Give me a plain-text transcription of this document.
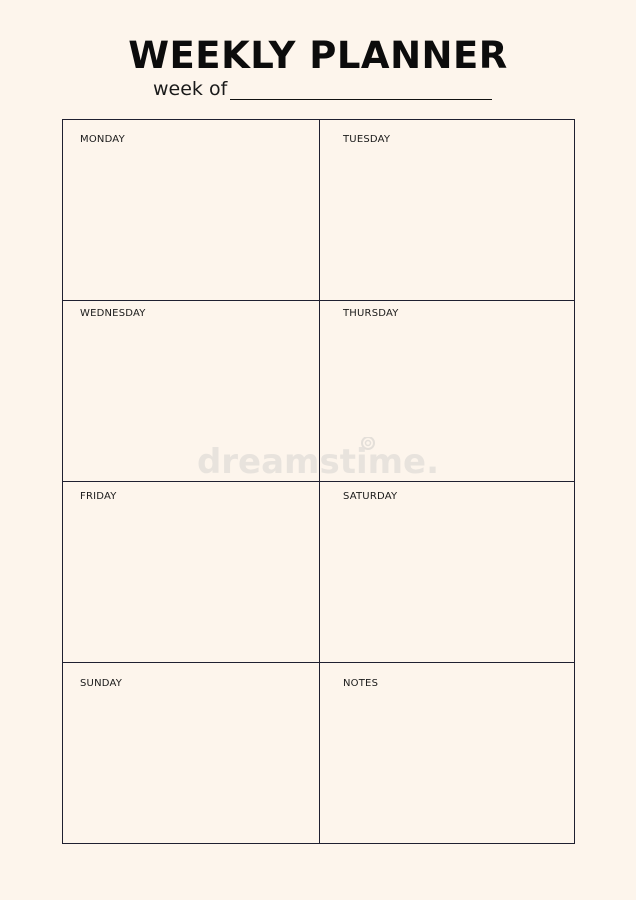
WEEKLY PLANNER
week of
MONDAY	TUESDAY
WEDNESDAY	THURSDAY
FRIDAY	SATURDAY
SUNDAY	NOTES
dreamstime.
